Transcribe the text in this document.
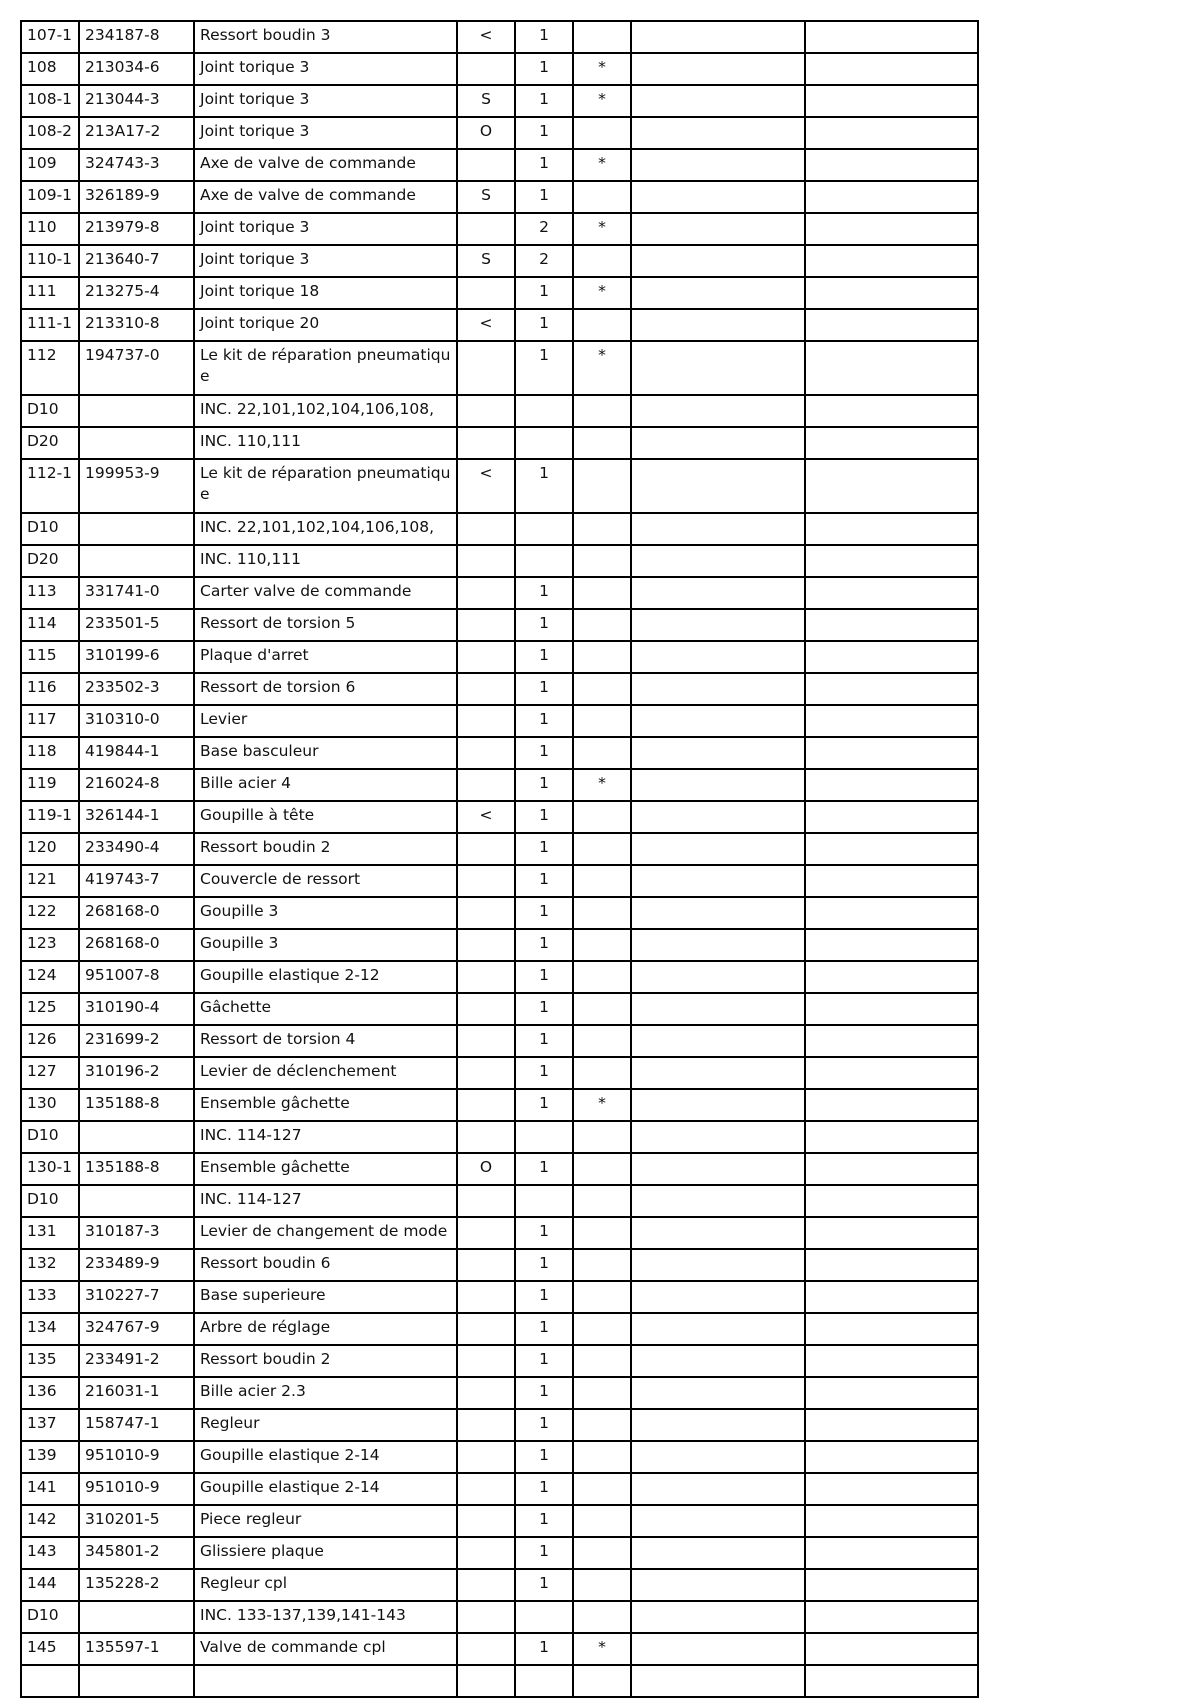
107-1	234187-8	Ressort boudin 3	<	1			
108	213034-6	Joint torique 3		1	*		
108-1	213044-3	Joint torique 3	S	1	*		
108-2	213A17-2	Joint torique 3	O	1			
109	324743-3	Axe de valve de commande		1	*		
109-1	326189-9	Axe de valve de commande	S	1			
110	213979-8	Joint torique 3		2	*		
110-1	213640-7	Joint torique 3	S	2			
111	213275-4	Joint torique 18		1	*		
111-1	213310-8	Joint torique 20	<	1			
112	194737-0	Le kit de réparation pneumatique		1	*		
D10		INC. 22,101,102,104,106,108,					
D20		INC. 110,111					
112-1	199953-9	Le kit de réparation pneumatique	<	1			
D10		INC. 22,101,102,104,106,108,					
D20		INC. 110,111					
113	331741-0	Carter valve de commande		1			
114	233501-5	Ressort de torsion 5		1			
115	310199-6	Plaque d'arret		1			
116	233502-3	Ressort de torsion 6		1			
117	310310-0	Levier		1			
118	419844-1	Base basculeur		1			
119	216024-8	Bille acier 4		1	*		
119-1	326144-1	Goupille à tête	<	1			
120	233490-4	Ressort boudin 2		1			
121	419743-7	Couvercle de ressort		1			
122	268168-0	Goupille 3		1			
123	268168-0	Goupille 3		1			
124	951007-8	Goupille elastique 2-12		1			
125	310190-4	Gâchette		1			
126	231699-2	Ressort de torsion 4		1			
127	310196-2	Levier de déclenchement		1			
130	135188-8	Ensemble gâchette		1	*		
D10		INC. 114-127					
130-1	135188-8	Ensemble gâchette	O	1			
D10		INC. 114-127					
131	310187-3	Levier de changement de mode		1			
132	233489-9	Ressort boudin 6		1			
133	310227-7	Base superieure		1			
134	324767-9	Arbre de réglage		1			
135	233491-2	Ressort boudin 2		1			
136	216031-1	Bille acier 2.3		1			
137	158747-1	Regleur		1			
139	951010-9	Goupille elastique 2-14		1			
141	951010-9	Goupille elastique 2-14		1			
142	310201-5	Piece regleur		1			
143	345801-2	Glissiere plaque		1			
144	135228-2	Regleur cpl		1			
D10		INC. 133-137,139,141-143					
145	135597-1	Valve de commande cpl		1	*		
